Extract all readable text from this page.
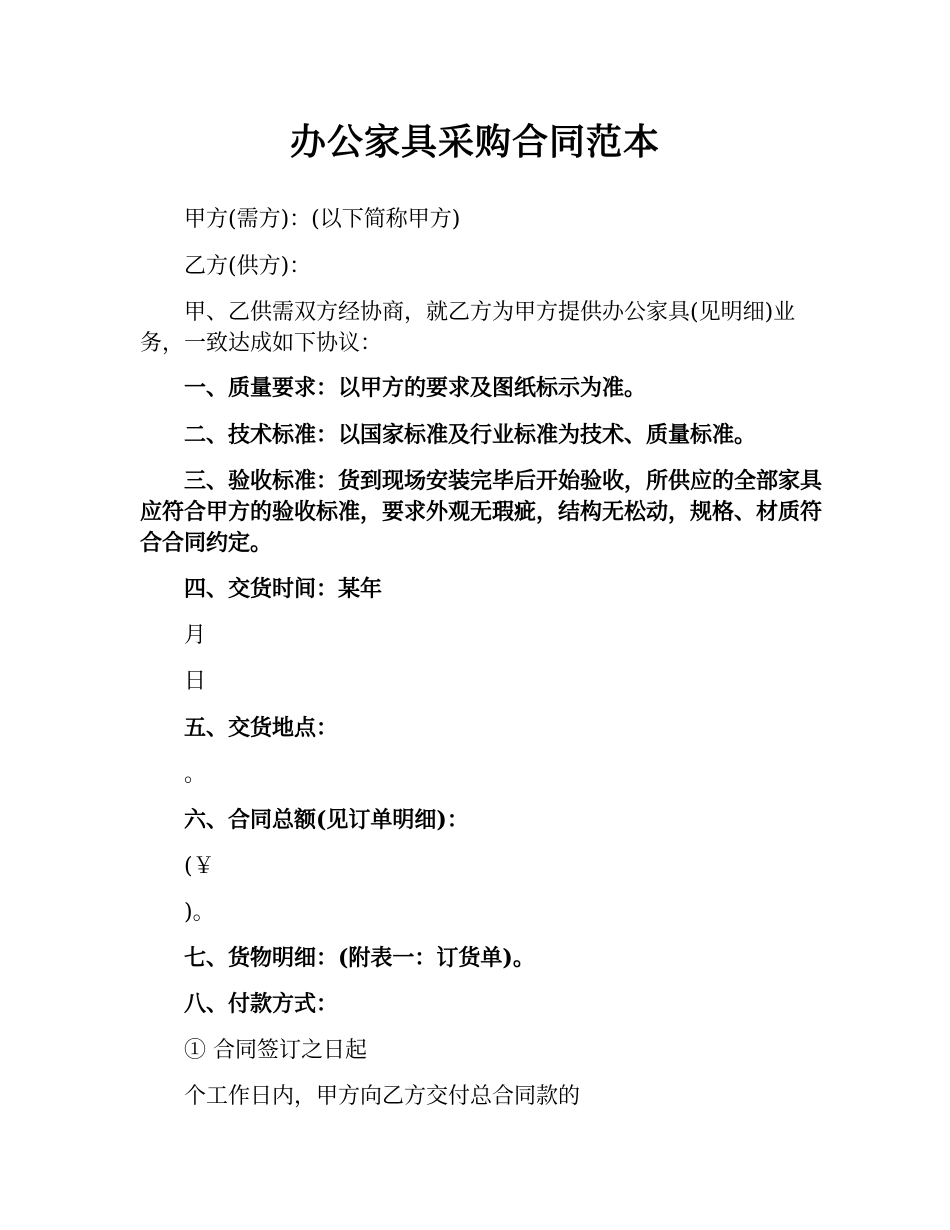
办公家具采购合同范本

甲方(需方)：(以下简称甲方)

乙方(供方)：

甲、乙供需双方经协商，就乙方为甲方提供办公家具(见明细)业务，一致达成如下协议：

一、质量要求：以甲方的要求及图纸标示为准。

二、技术标准：以国家标准及行业标准为技术、质量标准。

三、验收标准：货到现场安装完毕后开始验收，所供应的全部家具应符合甲方的验收标准，要求外观无瑕疵，结构无松动，规格、材质符合合同约定。

四、交货时间：某年

月

日

五、交货地点：

。

六、合同总额(见订单明细)：

(￥

)。

七、货物明细：(附表一：订货单)。

八、付款方式：

① 合同签订之日起

个工作日内，甲方向乙方交付总合同款的
